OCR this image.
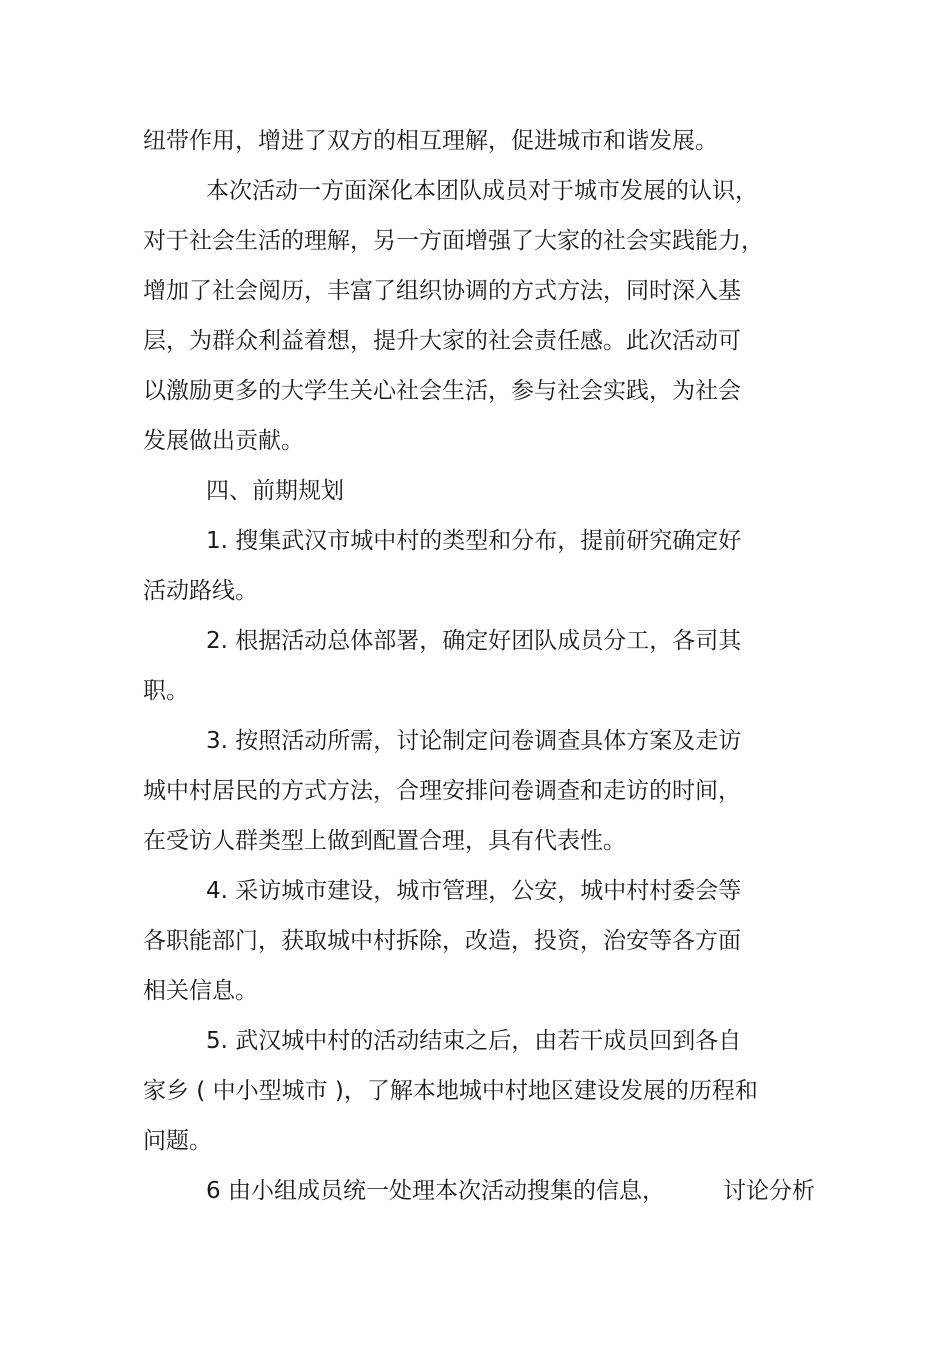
纽带作用，增进了双方的相互理解，促进城市和谐发展。
本次活动一方面深化本团队成员对于城市发展的认识，
对于社会生活的理解，另一方面增强了大家的社会实践能力，
增加了社会阅历，丰富了组织协调的方式方法，同时深入基
层，为群众利益着想，提升大家的社会责任感。此次活动可
以激励更多的大学生关心社会生活，参与社会实践，为社会
发展做出贡献。
四、前期规划
1. 搜集武汉市城中村的类型和分布，提前研究确定好
活动路线。
2. 根据活动总体部署，确定好团队成员分工，各司其
职。
3. 按照活动所需，讨论制定问卷调查具体方案及走访
城中村居民的方式方法，合理安排问卷调查和走访的时间，
在受访人群类型上做到配置合理，具有代表性。
4. 采访城市建设，城市管理，公安，城中村村委会等
各职能部门，获取城中村拆除，改造，投资，治安等各方面
相关信息。
5. 武汉城中村的活动结束之后，由若干成员回到各自
家乡 ( 中小型城市 )，了解本地城中村地区建设发展的历程和
问题。
6 由小组成员统一处理本次活动搜集的信息，	讨论分析
